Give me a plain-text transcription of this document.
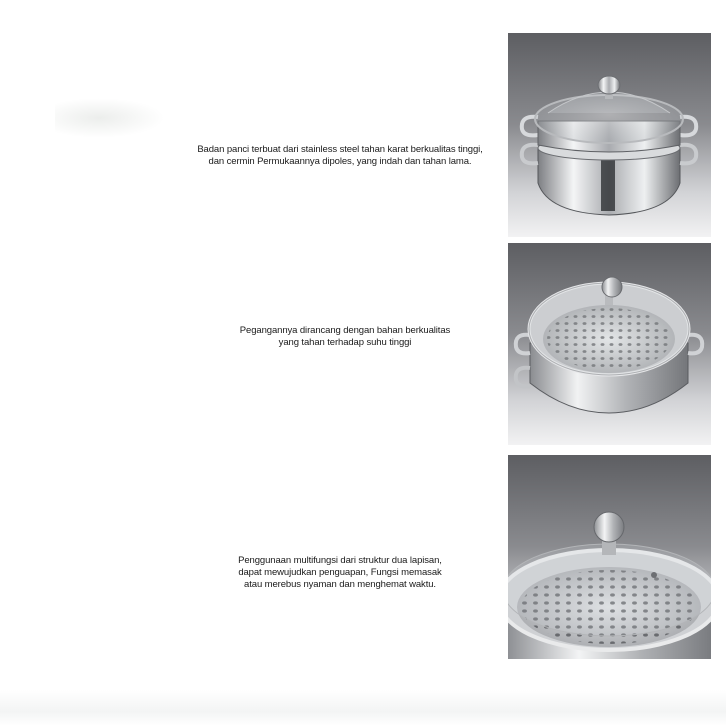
Badan panci terbuat dari stainless steel tahan karat berkualitas tinggi,
dan cermin Permukaannya dipoles, yang indah dan tahan lama.
Pegangannya dirancang dengan bahan berkualitas
yang tahan terhadap suhu tinggi
Penggunaan multifungsi dari struktur dua lapisan,
dapat mewujudkan penguapan, Fungsi memasak
atau merebus nyaman dan menghemat waktu.
